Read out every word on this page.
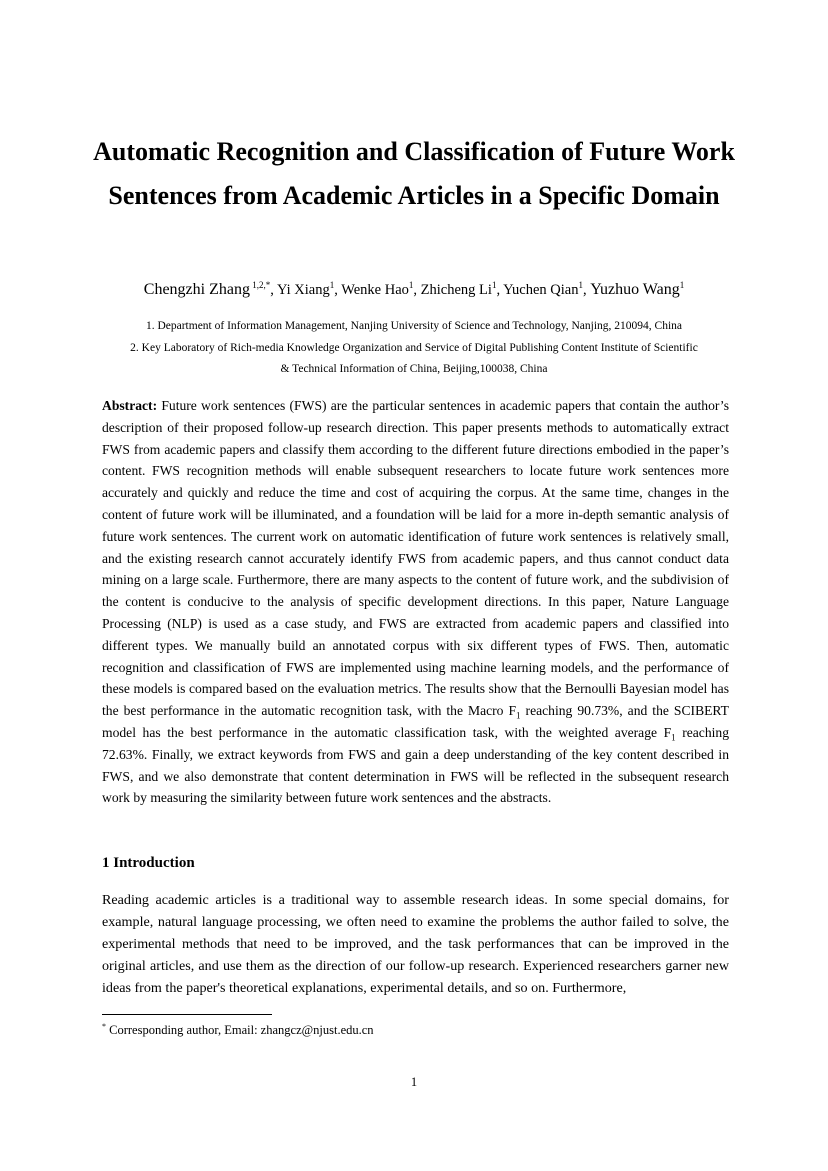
Automatic Recognition and Classification of Future Work Sentences from Academic Articles in a Specific Domain
Chengzhi Zhang $^{1,2,*}$, Yi Xiang$^1$, Wenke Hao$^1$, Zhicheng Li$^1$, Yuchen Qian$^1$, Yuzhuo Wang$^1$
1. Department of Information Management, Nanjing University of Science and Technology, Nanjing, 210094, China
2. Key Laboratory of Rich-media Knowledge Organization and Service of Digital Publishing Content Institute of Scientific
& Technical Information of China, Beijing,100038, China
Abstract: Future work sentences (FWS) are the particular sentences in academic papers that contain the author’s description of their proposed follow-up research direction. This paper presents methods to automatically extract FWS from academic papers and classify them according to the different future directions embodied in the paper’s content. FWS recognition methods will enable subsequent researchers to locate future work sentences more accurately and quickly and reduce the time and cost of acquiring the corpus. At the same time, changes in the content of future work will be illuminated, and a foundation will be laid for a more in-depth semantic analysis of future work sentences. The current work on automatic identification of future work sentences is relatively small, and the existing research cannot accurately identify FWS from academic papers, and thus cannot conduct data mining on a large scale. Furthermore, there are many aspects to the content of future work, and the subdivision of the content is conducive to the analysis of specific development directions. In this paper, Nature Language Processing (NLP) is used as a case study, and FWS are extracted from academic papers and classified into different types. We manually build an annotated corpus with six different types of FWS. Then, automatic recognition and classification of FWS are implemented using machine learning models, and the performance of these models is compared based on the evaluation metrics. The results show that the Bernoulli Bayesian model has the best performance in the automatic recognition task, with the Macro $F_1$ reaching 90.73%, and the SCIBERT model has the best performance in the automatic classification task, with the weighted average $F_1$ reaching 72.63%. Finally, we extract keywords from FWS and gain a deep understanding of the key content described in FWS, and we also demonstrate that content determination in FWS will be reflected in the subsequent research work by measuring the similarity between future work sentences and the abstracts.
1 Introduction
Reading academic articles is a traditional way to assemble research ideas. In some special domains, for example, natural language processing, we often need to examine the problems the author failed to solve, the experimental methods that need to be improved, and the task performances that can be improved in the original articles, and use them as the direction of our follow-up research. Experienced researchers garner new ideas from the paper's theoretical explanations, experimental details, and so on. Furthermore,
* Corresponding author, Email: zhangcz@njust.edu.cn
1
